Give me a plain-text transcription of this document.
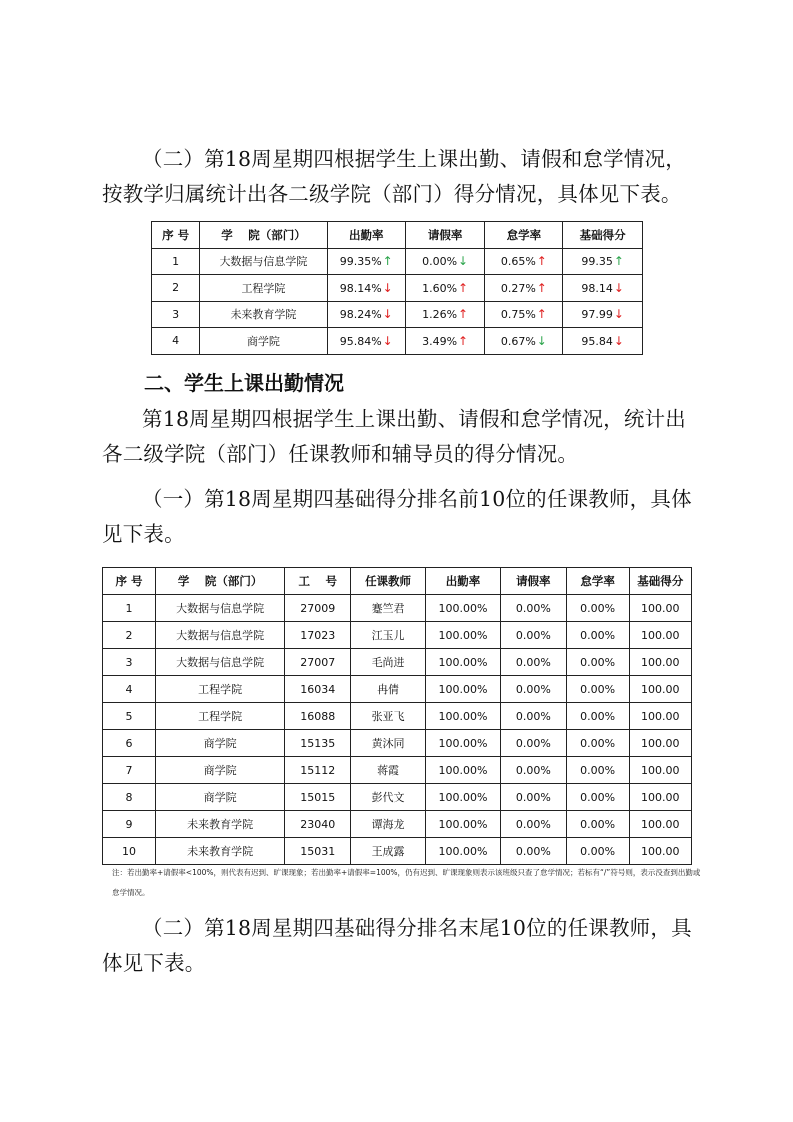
（二）第18周星期四根据学生上课出勤、请假和怠学情况，按教学归属统计出各二级学院（部门）得分情况，具体见下表。
序 号	学　 院（部门）	出勤率	请假率	怠学率	基础得分
1	大数据与信息学院	99.35%↑	0.00%↓	0.65%↑	99.35↑
2	工程学院	98.14%↓	1.60%↑	0.27%↑	98.14↓
3	未来教育学院	98.24%↓	1.26%↑	0.75%↑	97.99↓
4	商学院	95.84%↓	3.49%↑	0.67%↓	95.84↓
二、学生上课出勤情况
第18周星期四根据学生上课出勤、请假和怠学情况，统计出各二级学院（部门）任课教师和辅导员的得分情况。
（一）第18周星期四基础得分排名前10位的任课教师，具体见下表。
序 号	学　 院（部门）	工　 号	任课教师	出勤率	请假率	怠学率	基础得分
1	大数据与信息学院	27009	蹇竺君	100.00%	0.00%	0.00%	100.00
2	大数据与信息学院	17023	江玉儿	100.00%	0.00%	0.00%	100.00
3	大数据与信息学院	27007	毛尚进	100.00%	0.00%	0.00%	100.00
4	工程学院	16034	冉倩	100.00%	0.00%	0.00%	100.00
5	工程学院	16088	张亚飞	100.00%	0.00%	0.00%	100.00
6	商学院	15135	黄沐同	100.00%	0.00%	0.00%	100.00
7	商学院	15112	蒋霞	100.00%	0.00%	0.00%	100.00
8	商学院	15015	彭代文	100.00%	0.00%	0.00%	100.00
9	未来教育学院	23040	谭海龙	100.00%	0.00%	0.00%	100.00
10	未来教育学院	15031	王成露	100.00%	0.00%	0.00%	100.00
注：若出勤率+请假率<100%，则代表有迟到、旷课现象；若出勤率+请假率=100%，仍有迟到、旷课现象则表示该班级只查了怠学情况；若标有“/”符号则，表示没查到出勤或怠学情况。
（二）第18周星期四基础得分排名末尾10位的任课教师，具体见下表。
